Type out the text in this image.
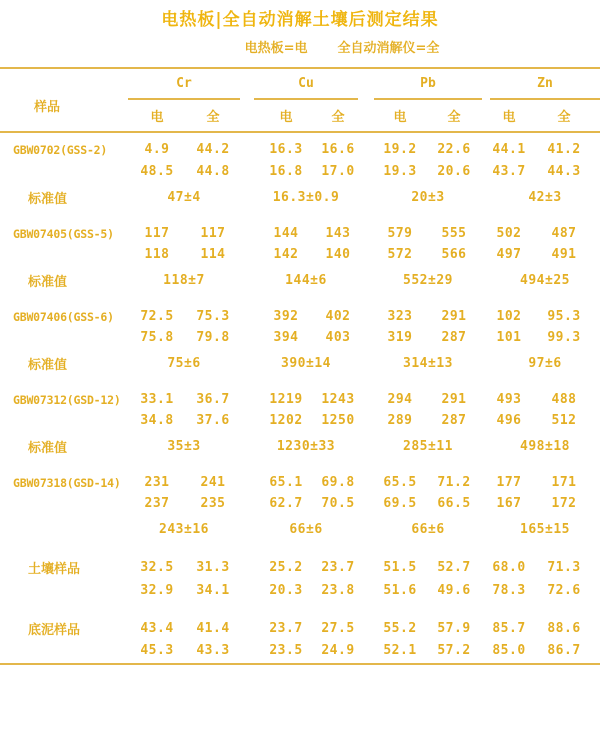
电热板|全自动消解土壤后测定结果
电热板=电 全自动消解仪=全
样品	Cr			Cu			Pb			Zn	
	电	全		电	全		电	全		电	全
GBW0702(GSS-2)	4.9	44.2		16.3	16.6		19.2	22.6		44.1	41.2
	48.5	44.8		16.8	17.0		19.3	20.6		43.7	44.3
标准值	47±4			16.3±0.9			20±3			42±3	
GBW07405(GSS-5)	117	117		144	143		579	555		502	487
	118	114		142	140		572	566		497	491
标准值	118±7			144±6			552±29			494±25	
GBW07406(GSS-6)	72.5	75.3		392	402		323	291		102	95.3
	75.8	79.8		394	403		319	287		101	99.3
标准值	75±6			390±14			314±13			97±6	
GBW07312(GSD-12)	33.1	36.7		1219	1243		294	291		493	488
	34.8	37.6		1202	1250		289	287		496	512
标准值	35±3			1230±33			285±11			498±18	
GBW07318(GSD-14)	231	241		65.1	69.8		65.5	71.2		177	171
	237	235		62.7	70.5		69.5	66.5		167	172
	243±16			66±6			66±6			165±15	
土壤样品	32.5	31.3		25.2	23.7		51.5	52.7		68.0	71.3
	32.9	34.1		20.3	23.8		51.6	49.6		78.3	72.6
底泥样品	43.4	41.4		23.7	27.5		55.2	57.9		85.7	88.6
	45.3	43.3		23.5	24.9		52.1	57.2		85.0	86.7
